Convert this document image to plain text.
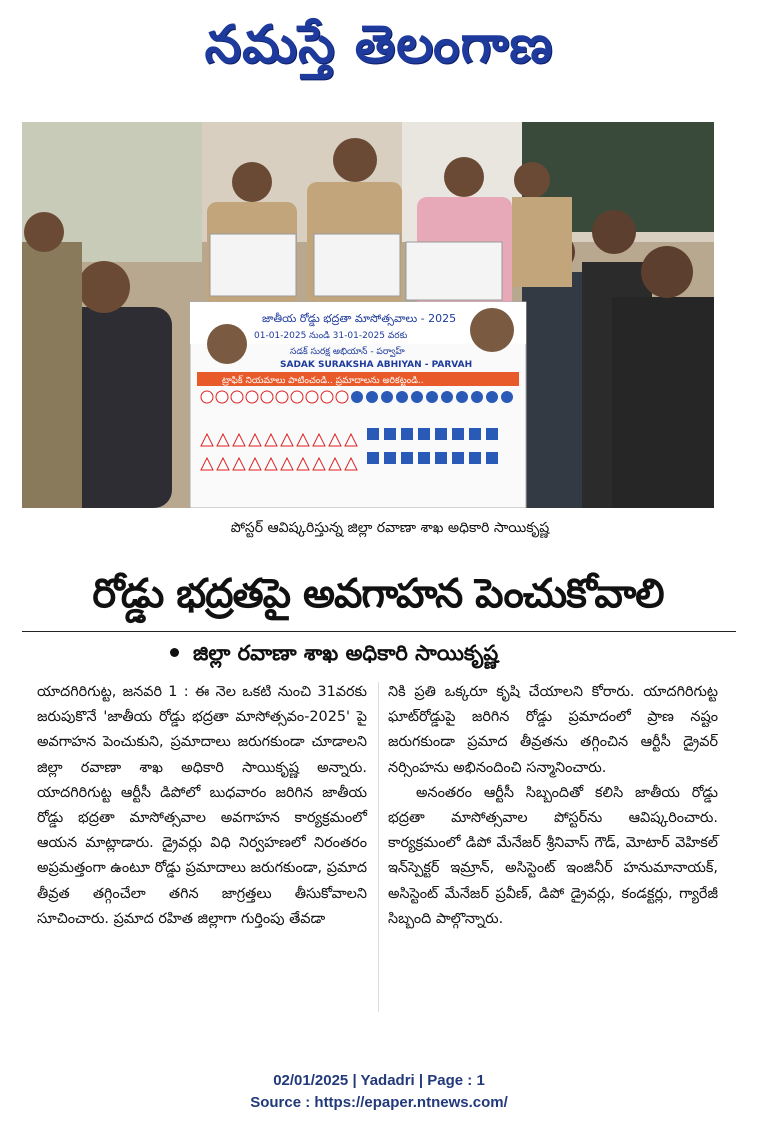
నమస్తే తెలంగాణ
జాతీయ రోడ్డు భద్రతా మాసోత్సవాలు - 2025
01-01-2025 నుండి 31-01-2025 వరకు
సడక్ సురక్ష అభియాన్ - పర్వాహ్
SADAK SURAKSHA ABHIYAN - PARVAH
ట్రాఫిక్ నియమాలు పాటించండి.. ప్రమాదాలను అరికట్టండి..
పోస్టర్ ఆవిష్కరిస్తున్న జిల్లా రవాణా శాఖ అధికారి సాయికృష్ణ
రోడ్డు భద్రతపై అవగాహన పెంచుకోవాలి
జిల్లా రవాణా శాఖ అధికారి సాయికృష్ణ

యాదగిరిగుట్ట, జనవరి 1 : ఈ నెల ఒకటి నుంచి 31వరకు జరుపుకొనే 'జాతీయ రోడ్డు భద్రతా మాసోత్సవం-2025' పై అవగాహన పెంచుకుని, ప్రమాదాలు జరుగకుండా చూడాలని జిల్లా రవాణా శాఖ అధికారి సాయికృష్ణ అన్నారు. యాదగిరిగుట్ట ఆర్టీసీ డిపోలో బుధవారం జరిగిన జాతీయ రోడ్డు భద్రతా మాసోత్సవాల అవగాహన కార్యక్రమంలో ఆయన మాట్లాడారు. డ్రైవర్లు విధి నిర్వహణలో నిరంతరం అప్రమత్తంగా ఉంటూ రోడ్డు ప్రమాదాలు జరుగకుండా, ప్రమాద తీవ్రత తగ్గించేలా తగిన జాగ్రత్తలు తీసుకోవాలని సూచించారు. ప్రమాద రహిత జిల్లాగా గుర్తింపు తేవడా

నికి ప్రతి ఒక్కరూ కృషి చేయాలని కోరారు. యాదగిరిగుట్ట ఘాట్‌రోడ్డుపై జరిగిన రోడ్డు ప్రమాదంలో ప్రాణ నష్టం జరుగకుండా ప్రమాద తీవ్రతను తగ్గించిన ఆర్టీసీ డ్రైవర్ నర్సింహను అభినందించి సన్మానించారు.

అనంతరం ఆర్టీసీ సిబ్బందితో కలిసి జాతీయ రోడ్డు భద్రతా మాసోత్సవాల పోస్టర్‌ను ఆవిష్కరించారు. కార్యక్రమంలో డిపో మేనేజర్ శ్రీనివాస్ గౌడ్, మోటార్ వెహికల్ ఇన్‌స్పెక్టర్ ఇమ్రాన్, అసిస్టెంట్ ఇంజినీర్ హనుమానాయక్, అసిస్టెంట్ మేనేజర్ ప్రవీణ్, డిపో డ్రైవర్లు, కండక్టర్లు, గ్యారేజీ సిబ్బంది పాల్గొన్నారు.

02/01/2025 | Yadadri | Page : 1
Source : https://epaper.ntnews.com/
